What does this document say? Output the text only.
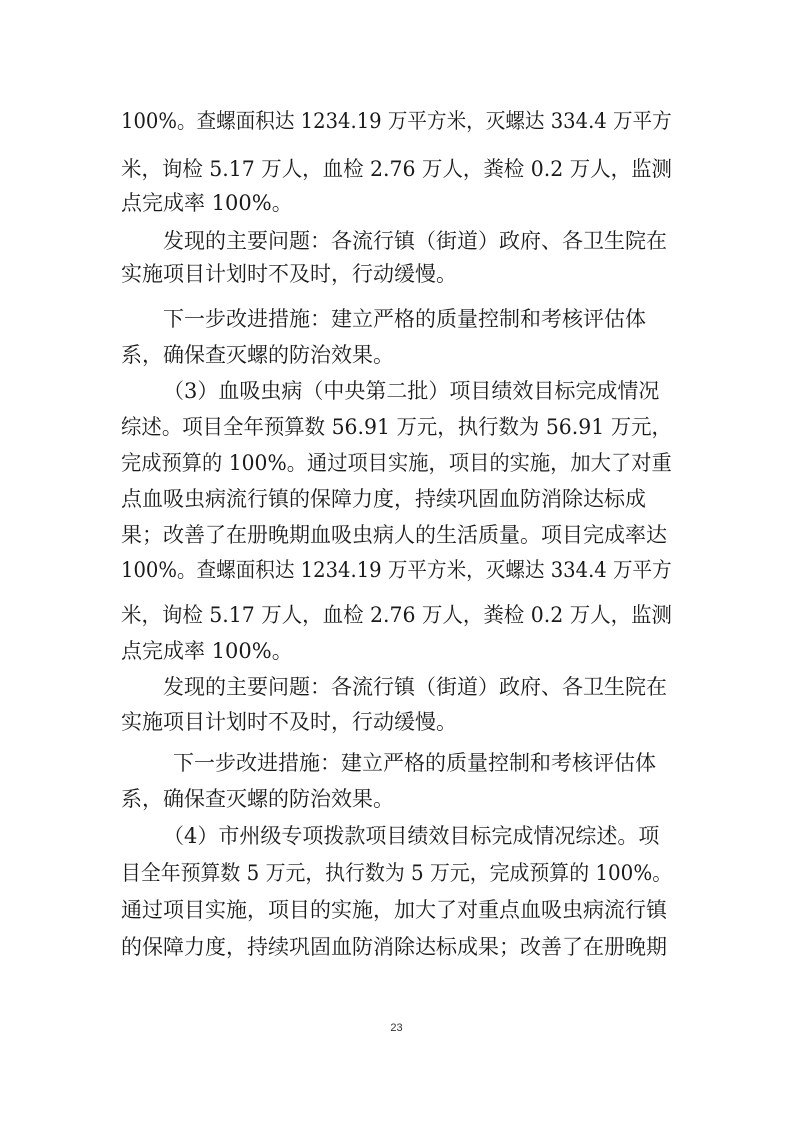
100%。查螺面积达 1234.19 万平方米，灭螺达 334.4 万平方
米，询检 5.17 万人，血检 2.76 万人，粪检 0.2 万人，监测
点完成率 100%。
发现的主要问题：各流行镇（街道）政府、各卫生院在
实施项目计划时不及时，行动缓慢。
下一步改进措施：建立严格的质量控制和考核评估体
系，确保查灭螺的防治效果。
（3）血吸虫病（中央第二批）项目绩效目标完成情况
综述。项目全年预算数 56.91 万元，执行数为 56.91 万元，
完成预算的 100%。通过项目实施，项目的实施，加大了对重
点血吸虫病流行镇的保障力度，持续巩固血防消除达标成
果；改善了在册晚期血吸虫病人的生活质量。项目完成率达
100%。查螺面积达 1234.19 万平方米，灭螺达 334.4 万平方
米，询检 5.17 万人，血检 2.76 万人，粪检 0.2 万人，监测
点完成率 100%。
发现的主要问题：各流行镇（街道）政府、各卫生院在
实施项目计划时不及时，行动缓慢。
下一步改进措施：建立严格的质量控制和考核评估体
系，确保查灭螺的防治效果。
（4）市州级专项拨款项目绩效目标完成情况综述。项
目全年预算数 5 万元，执行数为 5 万元，完成预算的 100%。
通过项目实施，项目的实施，加大了对重点血吸虫病流行镇
的保障力度，持续巩固血防消除达标成果；改善了在册晚期
23
